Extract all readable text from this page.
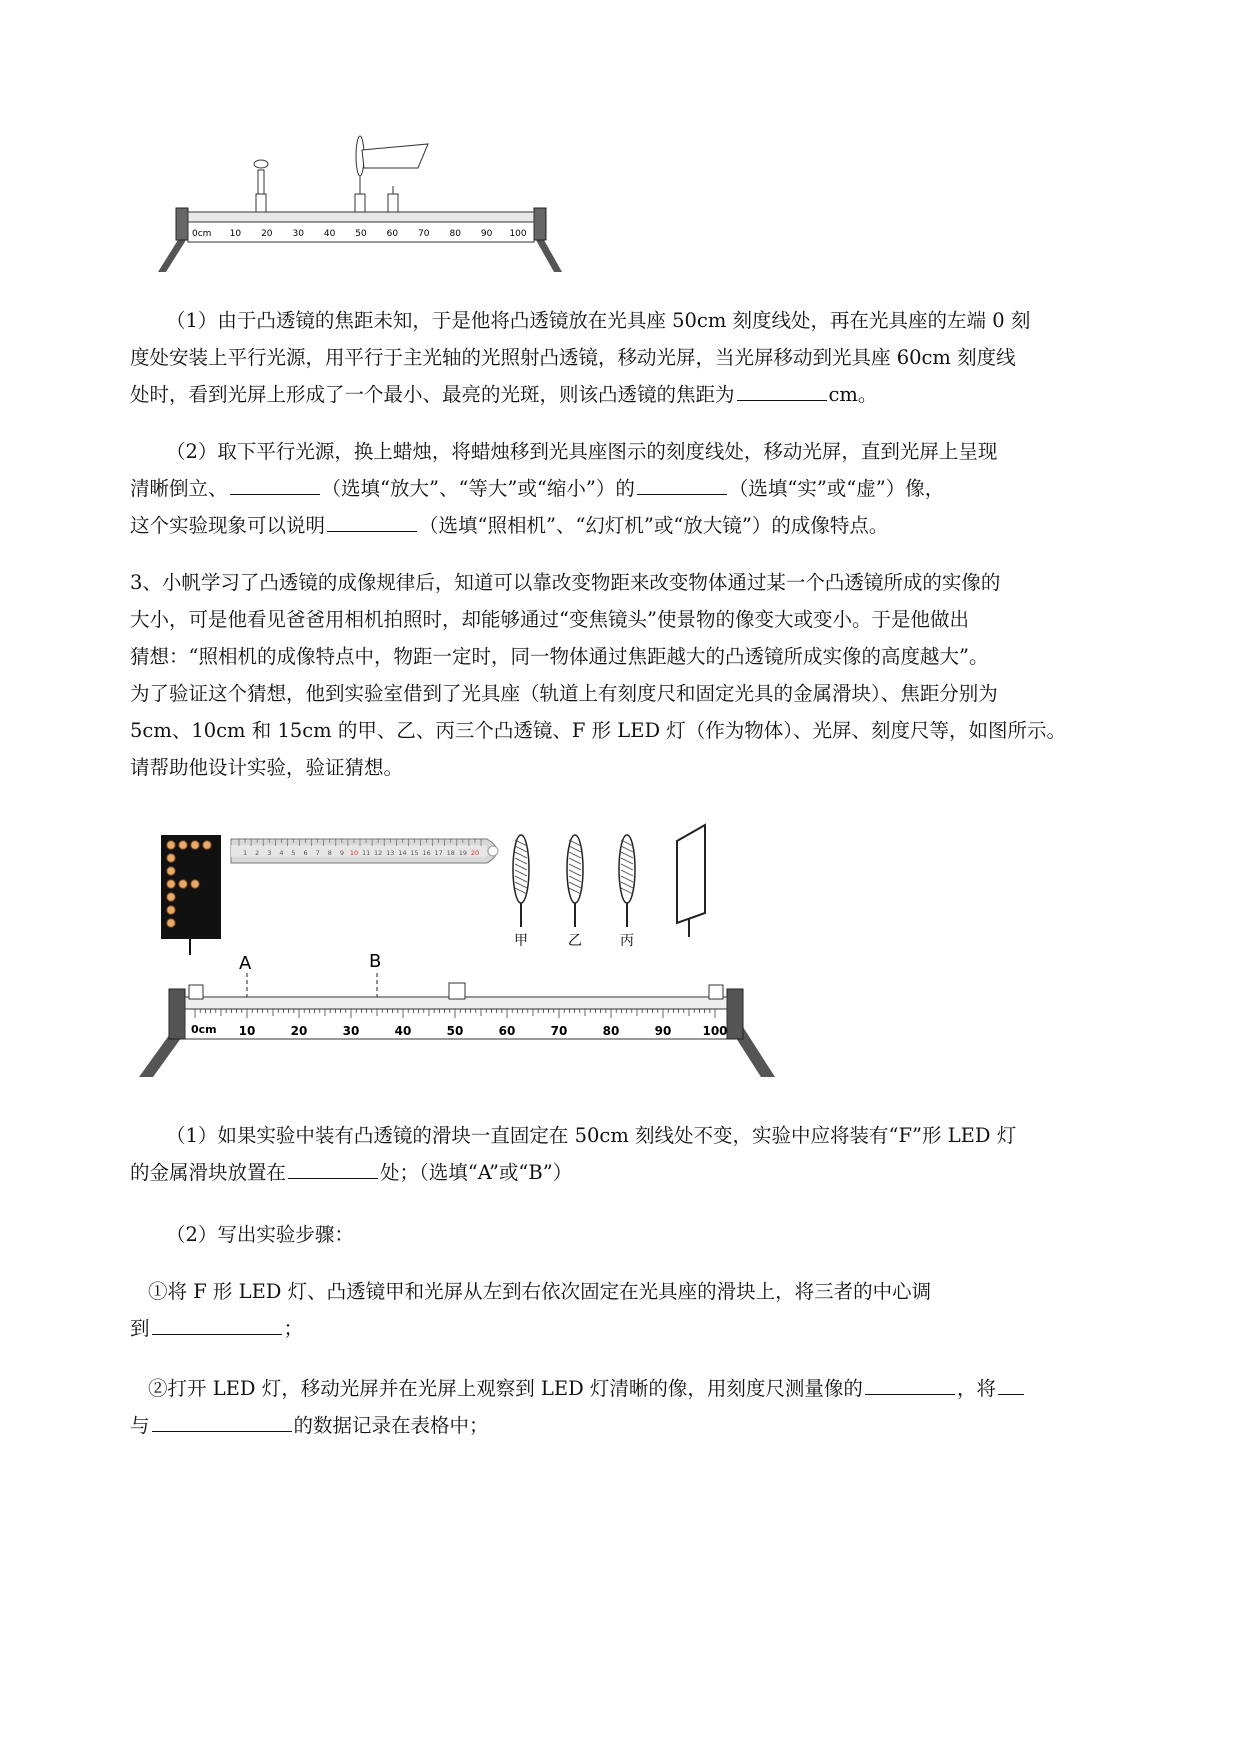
0cm 10 20 30 40 50 60 70 80 90 100
（1）由于凸透镜的焦距未知，于是他将凸透镜放在光具座 50cm 刻度线处，再在光具座的左端 0 刻
度处安装上平行光源，用平行于主光轴的光照射凸透镜，移动光屏，当光屏移动到光具座 60cm 刻度线
处时，看到光屏上形成了一个最小、最亮的光斑，则该凸透镜的焦距为	cm。
（2）取下平行光源，换上蜡烛，将蜡烛移到光具座图示的刻度线处，移动光屏，直到光屏上呈现
清晰倒立、	（选填“放大”、“等大”或“缩小”）的	（选填“实”或“虚”）像，
这个实验现象可以说明	（选填“照相机”、“幻灯机”或“放大镜”）的成像特点。
3、小帆学习了凸透镜的成像规律后，知道可以靠改变物距来改变物体通过某一个凸透镜所成的实像的
大小，可是他看见爸爸用相机拍照时，却能够通过“变焦镜头”使景物的像变大或变小。于是他做出
猜想：“照相机的成像特点中，物距一定时，同一物体通过焦距越大的凸透镜所成实像的高度越大”。
为了验证这个猜想，他到实验室借到了光具座（轨道上有刻度尺和固定光具的金属滑块）、焦距分别为
5cm、10cm 和 15cm 的甲、乙、丙三个凸透镜、F 形 LED 灯（作为物体）、光屏、刻度尺等，如图所示。
请帮助他设计实验，验证猜想。
1 2 3 4 5 6 7 8 9 10 11 12 13 14 15 16 17 18 19 20
甲	乙	丙
A	B
0cm 10	20	30	40	50	60	70	80	90	100
（1）如果实验中装有凸透镜的滑块一直固定在 50cm 刻线处不变，实验中应将装有“F”形 LED 灯
的金属滑块放置在	处；（选填“A”或“B”）
（2）写出实验步骤：
①将 F 形 LED 灯、凸透镜甲和光屏从左到右依次固定在光具座的滑块上，将三者的中心调
到	；
②打开 LED 灯，移动光屏并在光屏上观察到 LED 灯清晰的像，用刻度尺测量像的	，将
与	的数据记录在表格中；
